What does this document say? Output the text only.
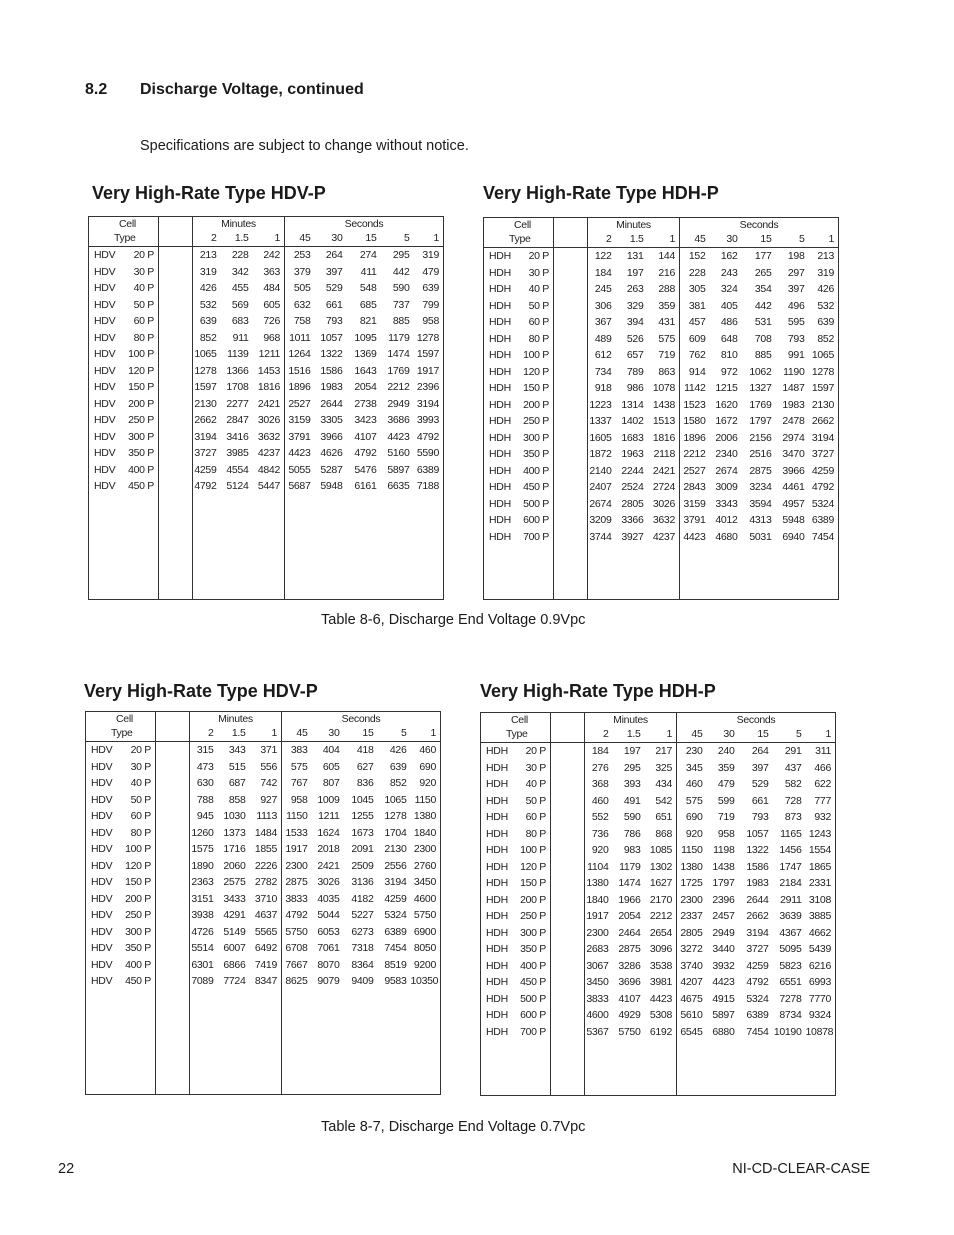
8.2 Discharge Voltage, continued
Specifications are subject to change without notice.
Very High-Rate Type HDV-P	Very High-Rate Type HDH-P
Cell			Minutes			Seconds				
Type			2	1.5	1	45	30	15	5	1
HDV	20 P		213	228	242	253	264	274	295	319
HDV	30 P		319	342	363	379	397	411	442	479
HDV	40 P		426	455	484	505	529	548	590	639
HDV	50 P		532	569	605	632	661	685	737	799
HDV	60 P		639	683	726	758	793	821	885	958
HDV	80 P		852	911	968	1011	1057	1095	1179	1278
HDV	100 P		1065	1139	1211	1264	1322	1369	1474	1597
HDV	120 P		1278	1366	1453	1516	1586	1643	1769	1917
HDV	150 P		1597	1708	1816	1896	1983	2054	2212	2396
HDV	200 P		2130	2277	2421	2527	2644	2738	2949	3194
HDV	250 P		2662	2847	3026	3159	3305	3423	3686	3993
HDV	300 P		3194	3416	3632	3791	3966	4107	4423	4792
HDV	350 P		3727	3985	4237	4423	4626	4792	5160	5590
HDV	400 P		4259	4554	4842	5055	5287	5476	5897	6389
HDV	450 P		4792	5124	5447	5687	5948	6161	6635	7188

Cell			Minutes			Seconds				
Type			2	1.5	1	45	30	15	5	1
HDH	20 P		122	131	144	152	162	177	198	213
HDH	30 P		184	197	216	228	243	265	297	319
HDH	40 P		245	263	288	305	324	354	397	426
HDH	50 P		306	329	359	381	405	442	496	532
HDH	60 P		367	394	431	457	486	531	595	639
HDH	80 P		489	526	575	609	648	708	793	852
HDH	100 P		612	657	719	762	810	885	991	1065
HDH	120 P		734	789	863	914	972	1062	1190	1278
HDH	150 P		918	986	1078	1142	1215	1327	1487	1597
HDH	200 P		1223	1314	1438	1523	1620	1769	1983	2130
HDH	250 P		1337	1402	1513	1580	1672	1797	2478	2662
HDH	300 P		1605	1683	1816	1896	2006	2156	2974	3194
HDH	350 P		1872	1963	2118	2212	2340	2516	3470	3727
HDH	400 P		2140	2244	2421	2527	2674	2875	3966	4259
HDH	450 P		2407	2524	2724	2843	3009	3234	4461	4792
HDH	500 P		2674	2805	3026	3159	3343	3594	4957	5324
HDH	600 P		3209	3366	3632	3791	4012	4313	5948	6389
HDH	700 P		3744	3927	4237	4423	4680	5031	6940	7454

Table 8-6, Discharge End Voltage 0.9Vpc
Very High-Rate Type HDV-P	Very High-Rate Type HDH-P
Cell			Minutes			Seconds				
Type			2	1.5	1	45	30	15	5	1
HDV	20 P		315	343	371	383	404	418	426	460
HDV	30 P		473	515	556	575	605	627	639	690
HDV	40 P		630	687	742	767	807	836	852	920
HDV	50 P		788	858	927	958	1009	1045	1065	1150
HDV	60 P		945	1030	1113	1150	1211	1255	1278	1380
HDV	80 P		1260	1373	1484	1533	1624	1673	1704	1840
HDV	100 P		1575	1716	1855	1917	2018	2091	2130	2300
HDV	120 P		1890	2060	2226	2300	2421	2509	2556	2760
HDV	150 P		2363	2575	2782	2875	3026	3136	3194	3450
HDV	200 P		3151	3433	3710	3833	4035	4182	4259	4600
HDV	250 P		3938	4291	4637	4792	5044	5227	5324	5750
HDV	300 P		4726	5149	5565	5750	6053	6273	6389	6900
HDV	350 P		5514	6007	6492	6708	7061	7318	7454	8050
HDV	400 P		6301	6866	7419	7667	8070	8364	8519	9200
HDV	450 P		7089	7724	8347	8625	9079	9409	9583	10350

Cell			Minutes			Seconds				
Type			2	1.5	1	45	30	15	5	1
HDH	20 P		184	197	217	230	240	264	291	311
HDH	30 P		276	295	325	345	359	397	437	466
HDH	40 P		368	393	434	460	479	529	582	622
HDH	50 P		460	491	542	575	599	661	728	777
HDH	60 P		552	590	651	690	719	793	873	932
HDH	80 P		736	786	868	920	958	1057	1165	1243
HDH	100 P		920	983	1085	1150	1198	1322	1456	1554
HDH	120 P		1104	1179	1302	1380	1438	1586	1747	1865
HDH	150 P		1380	1474	1627	1725	1797	1983	2184	2331
HDH	200 P		1840	1966	2170	2300	2396	2644	2911	3108
HDH	250 P		1917	2054	2212	2337	2457	2662	3639	3885
HDH	300 P		2300	2464	2654	2805	2949	3194	4367	4662
HDH	350 P		2683	2875	3096	3272	3440	3727	5095	5439
HDH	400 P		3067	3286	3538	3740	3932	4259	5823	6216
HDH	450 P		3450	3696	3981	4207	4423	4792	6551	6993
HDH	500 P		3833	4107	4423	4675	4915	5324	7278	7770
HDH	600 P		4600	4929	5308	5610	5897	6389	8734	9324
HDH	700 P		5367	5750	6192	6545	6880	7454	10190	10878

Table 8-7, Discharge End Voltage 0.7Vpc
22	NI-CD-CLEAR-CASE
